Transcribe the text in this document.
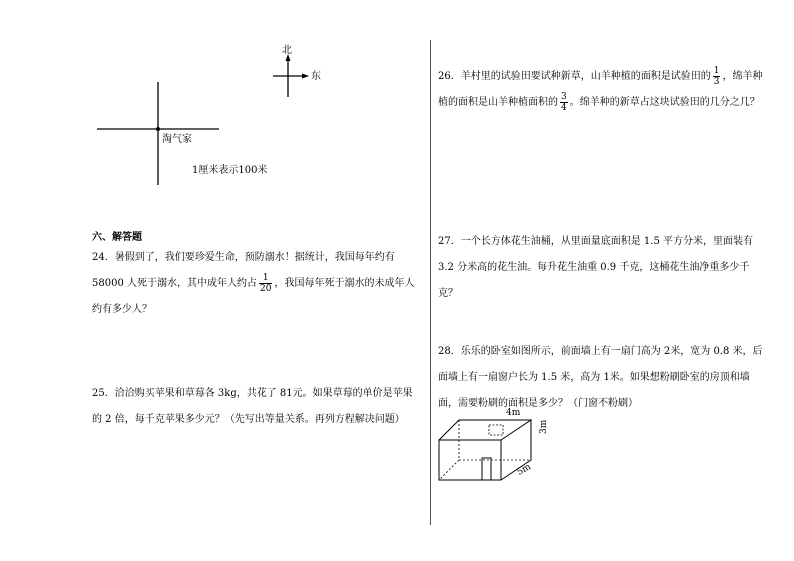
北
东
淘气家
1厘米表示100米
六、解答题
24．暑假到了，我们要珍爱生命，预防溺水！据统计，我国每年约有 58000 人死于溺水，其中成年人约占 $\frac{1}{20}$ ，我国每年死于溺水的未成年人约有多少人？
25．洽洽购买苹果和草莓各 3kg，共花了 81元。如果草莓的单价是苹果的 2 倍，每千克苹果多少元？（先写出等量关系。再列方程解决问题）
26．羊村里的试验田要试种新草，山羊种植的面积是试验田的 $\frac{1}{3}$ ，绵羊种植的面积是山羊种植面积的 $\frac{3}{4}$ 。绵羊种的新草占这块试验田的几分之几？
27．一个长方体花生油桶，从里面量底面积是 1.5 平方分米，里面装有 3.2 分米高的花生油。每升花生油重 0.9 千克，这桶花生油净重多少千克？
28．乐乐的卧室如图所示，前面墙上有一扇门高为 2米，宽为 0.8 米，后面墙上有一扇窗户长为 1.5 米，高为 1米。如果想粉刷卧室的房顶和墙面，需要粉刷的面积是多少？（门窗不粉刷）
4m
3m
5m
